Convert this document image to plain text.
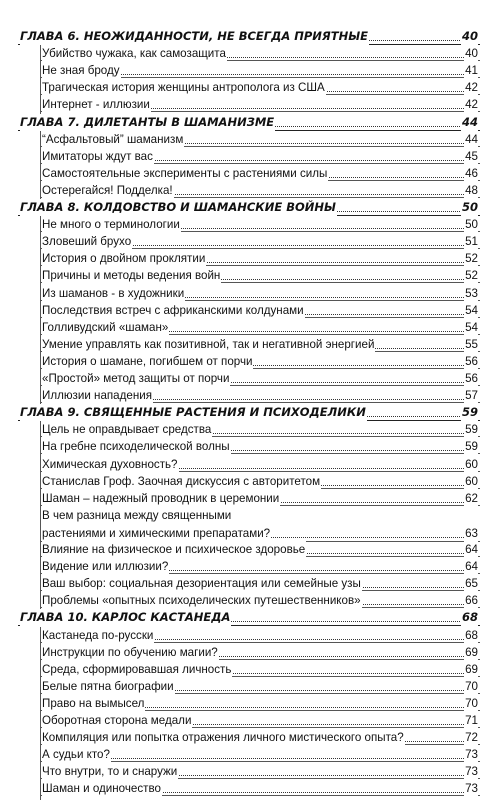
ГЛАВА 6. НЕОЖИДАННОСТИ, НЕ ВСЕГДА ПРИЯТНЫЕ	40
Убийство чужака, как самозащита	40
Не зная броду	41
Трагическая история женщины антрополога из США	42
Интернет - иллюзии	42
ГЛАВА 7. ДИЛЕТАНТЫ В ШАМАНИЗМЕ	44
“Асфальтовый” шаманизм	44
Имитаторы ждут вас	45
Самостоятельные эксперименты с растениями силы	46
Остерегайся! Подделка!	48
ГЛАВА 8. КОЛДОВСТВО И ШАМАНСКИЕ ВОЙНЫ	50
Не много о терминологии	50
Зловеший брухо	51
История о двойном проклятии	52
Причины и методы ведения войн	52
Из шаманов - в художники	53
Последствия встреч с африканскими колдунами	54
Голливудский «шаман»	54
Умение управлять как позитивной, так и негативной энергией	55
История о шамане, погибшем от порчи	56
«Простой» метод защиты от порчи	56
Иллюзии нападения	57
ГЛАВА 9. СВЯЩЕННЫЕ РАСТЕНИЯ И ПСИХОДЕЛИКИ	59
Цель не оправдывает средства	59
На гребне психоделической волны	59
Химическая духовность?	60
Станислав Гроф. Заочная дискуссия с авторитетом	60
Шаман – надежный проводник в церемонии	62
В чем разница между священными
растениями и химическими препаратами?	63
Влияние на физическое и психическое здоровье	64
Видение или иллюзии?	64
Ваш выбор: социальная дезориентация или семейные узы	65
Проблемы «опытных психоделических путешественников»	66
ГЛАВА 10. КАРЛОС КАСТАНЕДА	68
Кастанеда по-русски	68
Инструкции по обучению магии?	69
Среда, сформировавшая личность	69
Белые пятна биографии	70
Право на вымысел	70
Оборотная сторона медали	71
Компиляция или попытка отражения личного мистического опыта?	72
А судьи кто?	73
Что внутри, то и снаружи	73
Шаман и одиночество	73
